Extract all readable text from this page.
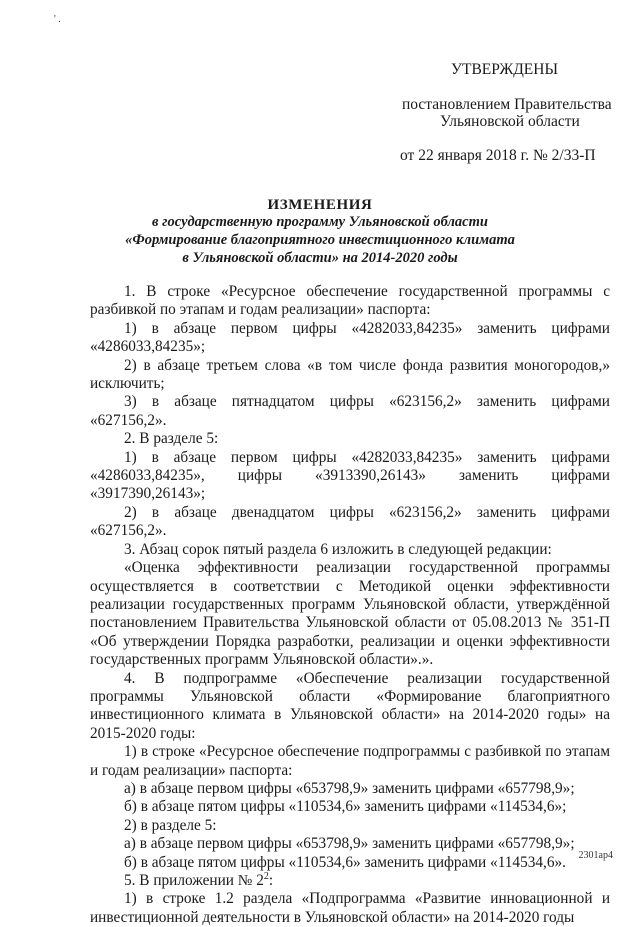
' .
УТВЕРЖДЕНЫ
постановлением Правительства
Ульяновской области
от 22 января 2018 г. № 2/33-П
ИЗМЕНЕНИЯ
в государственную программу Ульяновской области
«Формирование благоприятного инвестиционного климата
в Ульяновской области» на 2014-2020 годы
1. В строке «Ресурсное обеспечение государственной программы с разбивкой по этапам и годам реализации» паспорта:
1) в абзаце первом цифры «4282033,84235» заменить цифрами «4286033,84235»;
2) в абзаце третьем слова «в том числе фонда развития моногородов,» исключить;
3) в абзаце пятнадцатом цифры «623156,2» заменить цифрами «627156,2».
2. В разделе 5:
1) в абзаце первом цифры «4282033,84235» заменить цифрами «4286033,84235», цифры «3913390,26143» заменить цифрами «3917390,26143»;
2) в абзаце двенадцатом цифры «623156,2» заменить цифрами «627156,2».
3. Абзац сорок пятый раздела 6 изложить в следующей редакции:
«Оценка эффективности реализации государственной программы осуществляется в соответствии с Методикой оценки эффективности реализации государственных программ Ульяновской области, утверждённой постановлением Правительства Ульяновской области от 05.08.2013 № 351-П «Об утверждении Порядка разработки, реализации и оценки эффективности государственных программ Ульяновской области».».
4. В подпрограмме «Обеспечение реализации государственной программы Ульяновской области «Формирование благоприятного инвестиционного климата в Ульяновской области» на 2014-2020 годы» на 2015-2020 годы:
1) в строке «Ресурсное обеспечение подпрограммы с разбивкой по этапам и годам реализации» паспорта:
а) в абзаце первом цифры «653798,9» заменить цифрами «657798,9»;
б) в абзаце пятом цифры «110534,6» заменить цифрами «114534,6»;
2) в разделе 5:
а) в абзаце первом цифры «653798,9» заменить цифрами «657798,9»;
б) в абзаце пятом цифры «110534,6» заменить цифрами «114534,6».
5. В приложении № $2^2$:
1) в строке 1.2 раздела «Подпрограмма «Развитие инновационной и инвестиционной деятельности в Ульяновской области» на 2014-2020 годы
2301ap4
